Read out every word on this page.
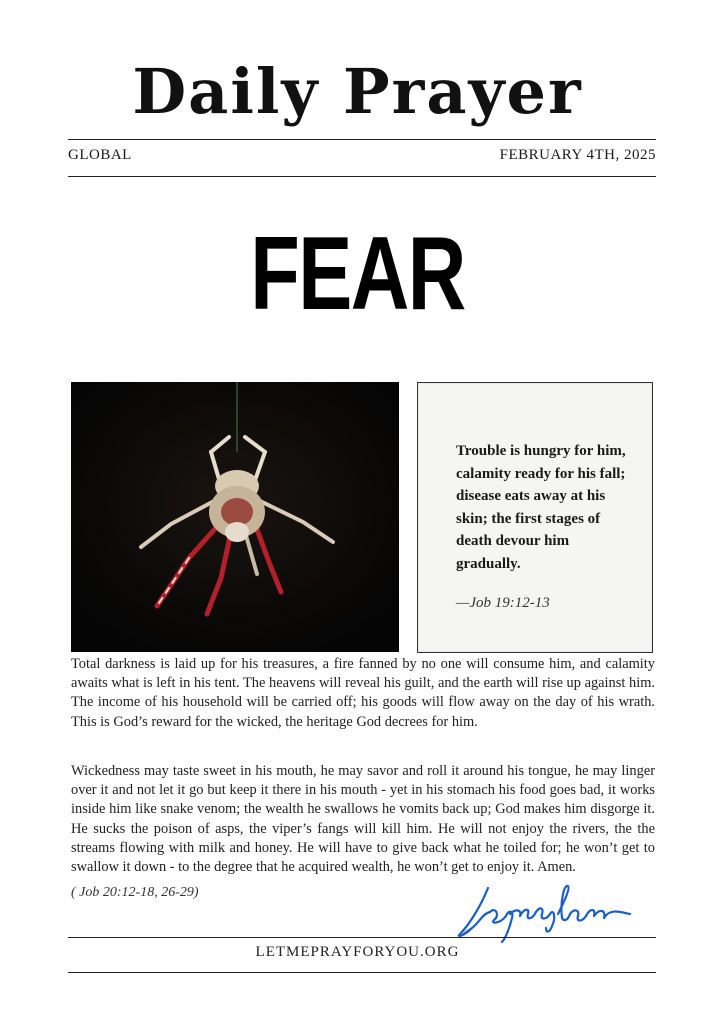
Daily Prayer
GLOBAL	FEBRUARY 4TH, 2025
FEAR
Trouble is hungry for him, calamity ready for his fall; disease eats away at his skin; the first stages of death devour him gradually.
—Job 19:12-13

Total darkness is laid up for his treasures, a fire fanned by no one will consume him, and calamity awaits what is left in his tent. The heavens will reveal his guilt, and the earth will rise up against him. The income of his household will be carried off; his goods will flow away on the day of his wrath. This is God’s reward for the wicked, the heritage God decrees for him.

Wickedness may taste sweet in his mouth, he may savor and roll it around his tongue, he may linger over it and not let it go but keep it there in his mouth - yet in his stomach his food goes bad, it works inside him like snake venom; the wealth he swallows he vomits back up; God makes him disgorge it. He sucks the poison of asps, the viper’s fangs will kill him. He will not enjoy the rivers, the the streams flowing with milk and honey. He will have to give back what he toiled for; he won’t get to swallow it down - to the degree that he acquired wealth, he won’t get to enjoy it. Amen.

( Job 20:12-18, 26-29)
LETMEPRAYFORYOU.ORG
